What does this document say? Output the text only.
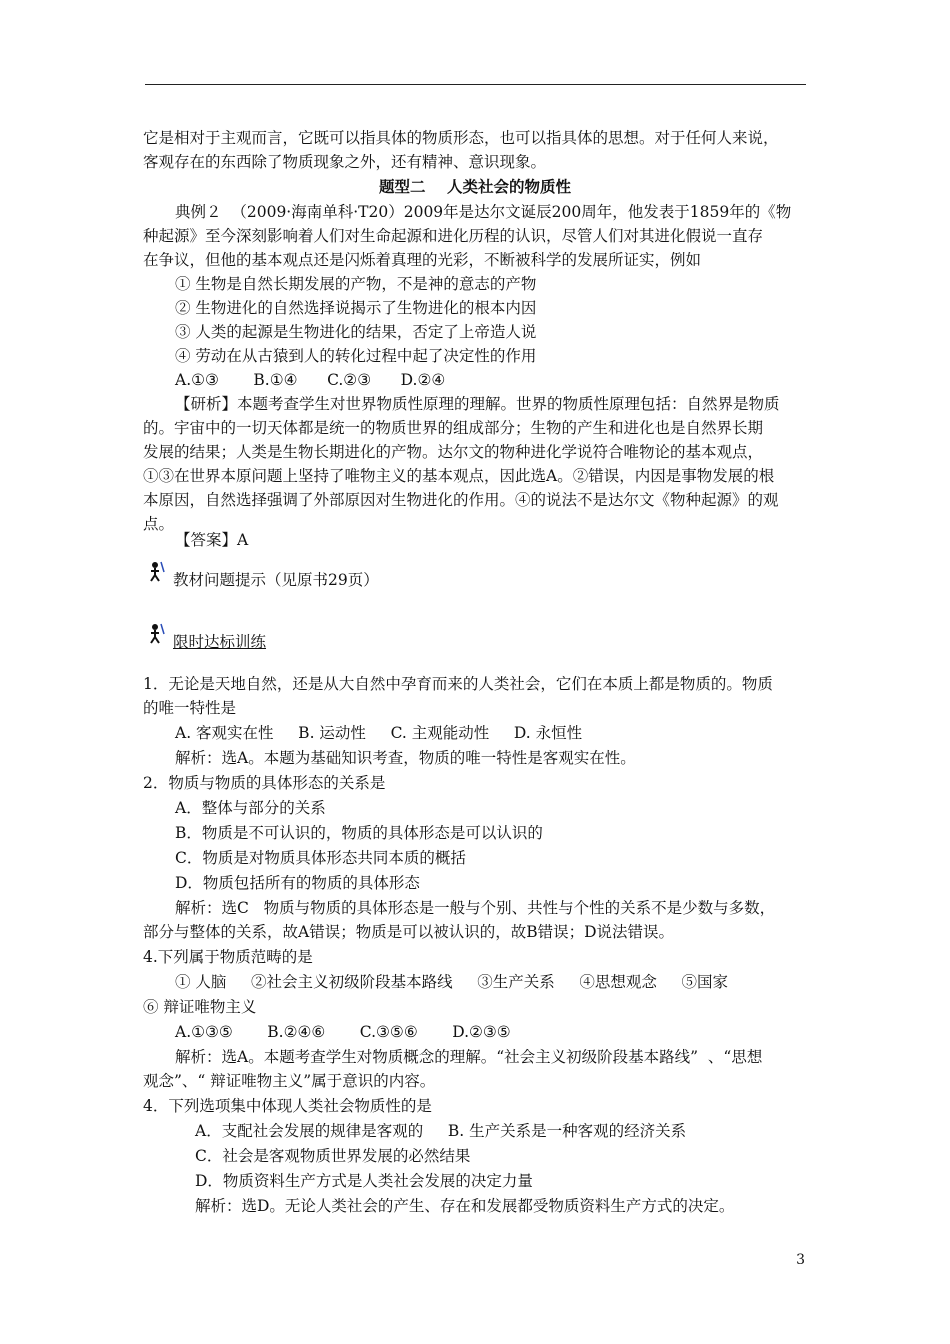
它是相对于主观而言，它既可以指具体的物质形态，也可以指具体的思想。对于任何人来说，
客观存在的东西除了物质现象之外，还有精神、意识现象。
题型二    人类社会的物质性
典例２  （2009·海南单科·T20）2009年是达尔文诞辰200周年，他发表于1859年的《物
种起源》至今深刻影响着人们对生命起源和进化历程的认识，尽管人们对其进化假说一直存
在争议，但他的基本观点还是闪烁着真理的光彩，不断被科学的发展所证实，例如
① 生物是自然长期发展的产物，不是神的意志的产物
② 生物进化的自然选择说揭示了生物进化的根本内因
③ 人类的起源是生物进化的结果，否定了上帝造人说
④ 劳动在从古猿到人的转化过程中起了决定性的作用
A.①③       B.①④      C.②③      D.②④
【研析】本题考查学生对世界物质性原理的理解。世界的物质性原理包括：自然界是物质
的。宇宙中的一切天体都是统一的物质世界的组成部分；生物的产生和进化也是自然界长期
发展的结果；人类是生物长期进化的产物。达尔文的物种进化学说符合唯物论的基本观点，
①③在世界本原问题上坚持了唯物主义的基本观点，因此选A。②错误，内因是事物发展的根
本原因，自然选择强调了外部原因对生物进化的作用。④的说法不是达尔文《物种起源》的观
点。
【答案】A
教材问题提示（见原书29页）
限时达标训练
1．无论是天地自然，还是从大自然中孕育而来的人类社会，它们在本质上都是物质的。物质
的唯一特性是
A. 客观实在性     B. 运动性     C. 主观能动性     D. 永恒性
解析：选A。本题为基础知识考查，物质的唯一特性是客观实在性。
2．物质与物质的具体形态的关系是
A．整体与部分的关系
B．物质是不可认识的，物质的具体形态是可以认识的
C．物质是对物质具体形态共同本质的概括
D．物质包括所有的物质的具体形态
解析：选C   物质与物质的具体形态是一般与个别、共性与个性的关系不是少数与多数，
部分与整体的关系，故A错误；物质是可以被认识的，故B错误；D说法错误。
4.下列属于物质范畴的是
① 人脑     ②社会主义初级阶段基本路线     ③生产关系     ④思想观念     ⑤国家
⑥ 辩证唯物主义
A.①③⑤       B.②④⑥       C.③⑤⑥       D.②③⑤
解析：选A。本题考查学生对物质概念的理解。“社会主义初级阶段基本路线”  、“思想
观念”、“ 辩证唯物主义”属于意识的内容。
4．下列选项集中体现人类社会物质性的是
A．支配社会发展的规律是客观的     B. 生产关系是一种客观的经济关系
C．社会是客观物质世界发展的必然结果
D．物质资料生产方式是人类社会发展的决定力量
解析：选D。无论人类社会的产生、存在和发展都受物质资料生产方式的决定。
3
